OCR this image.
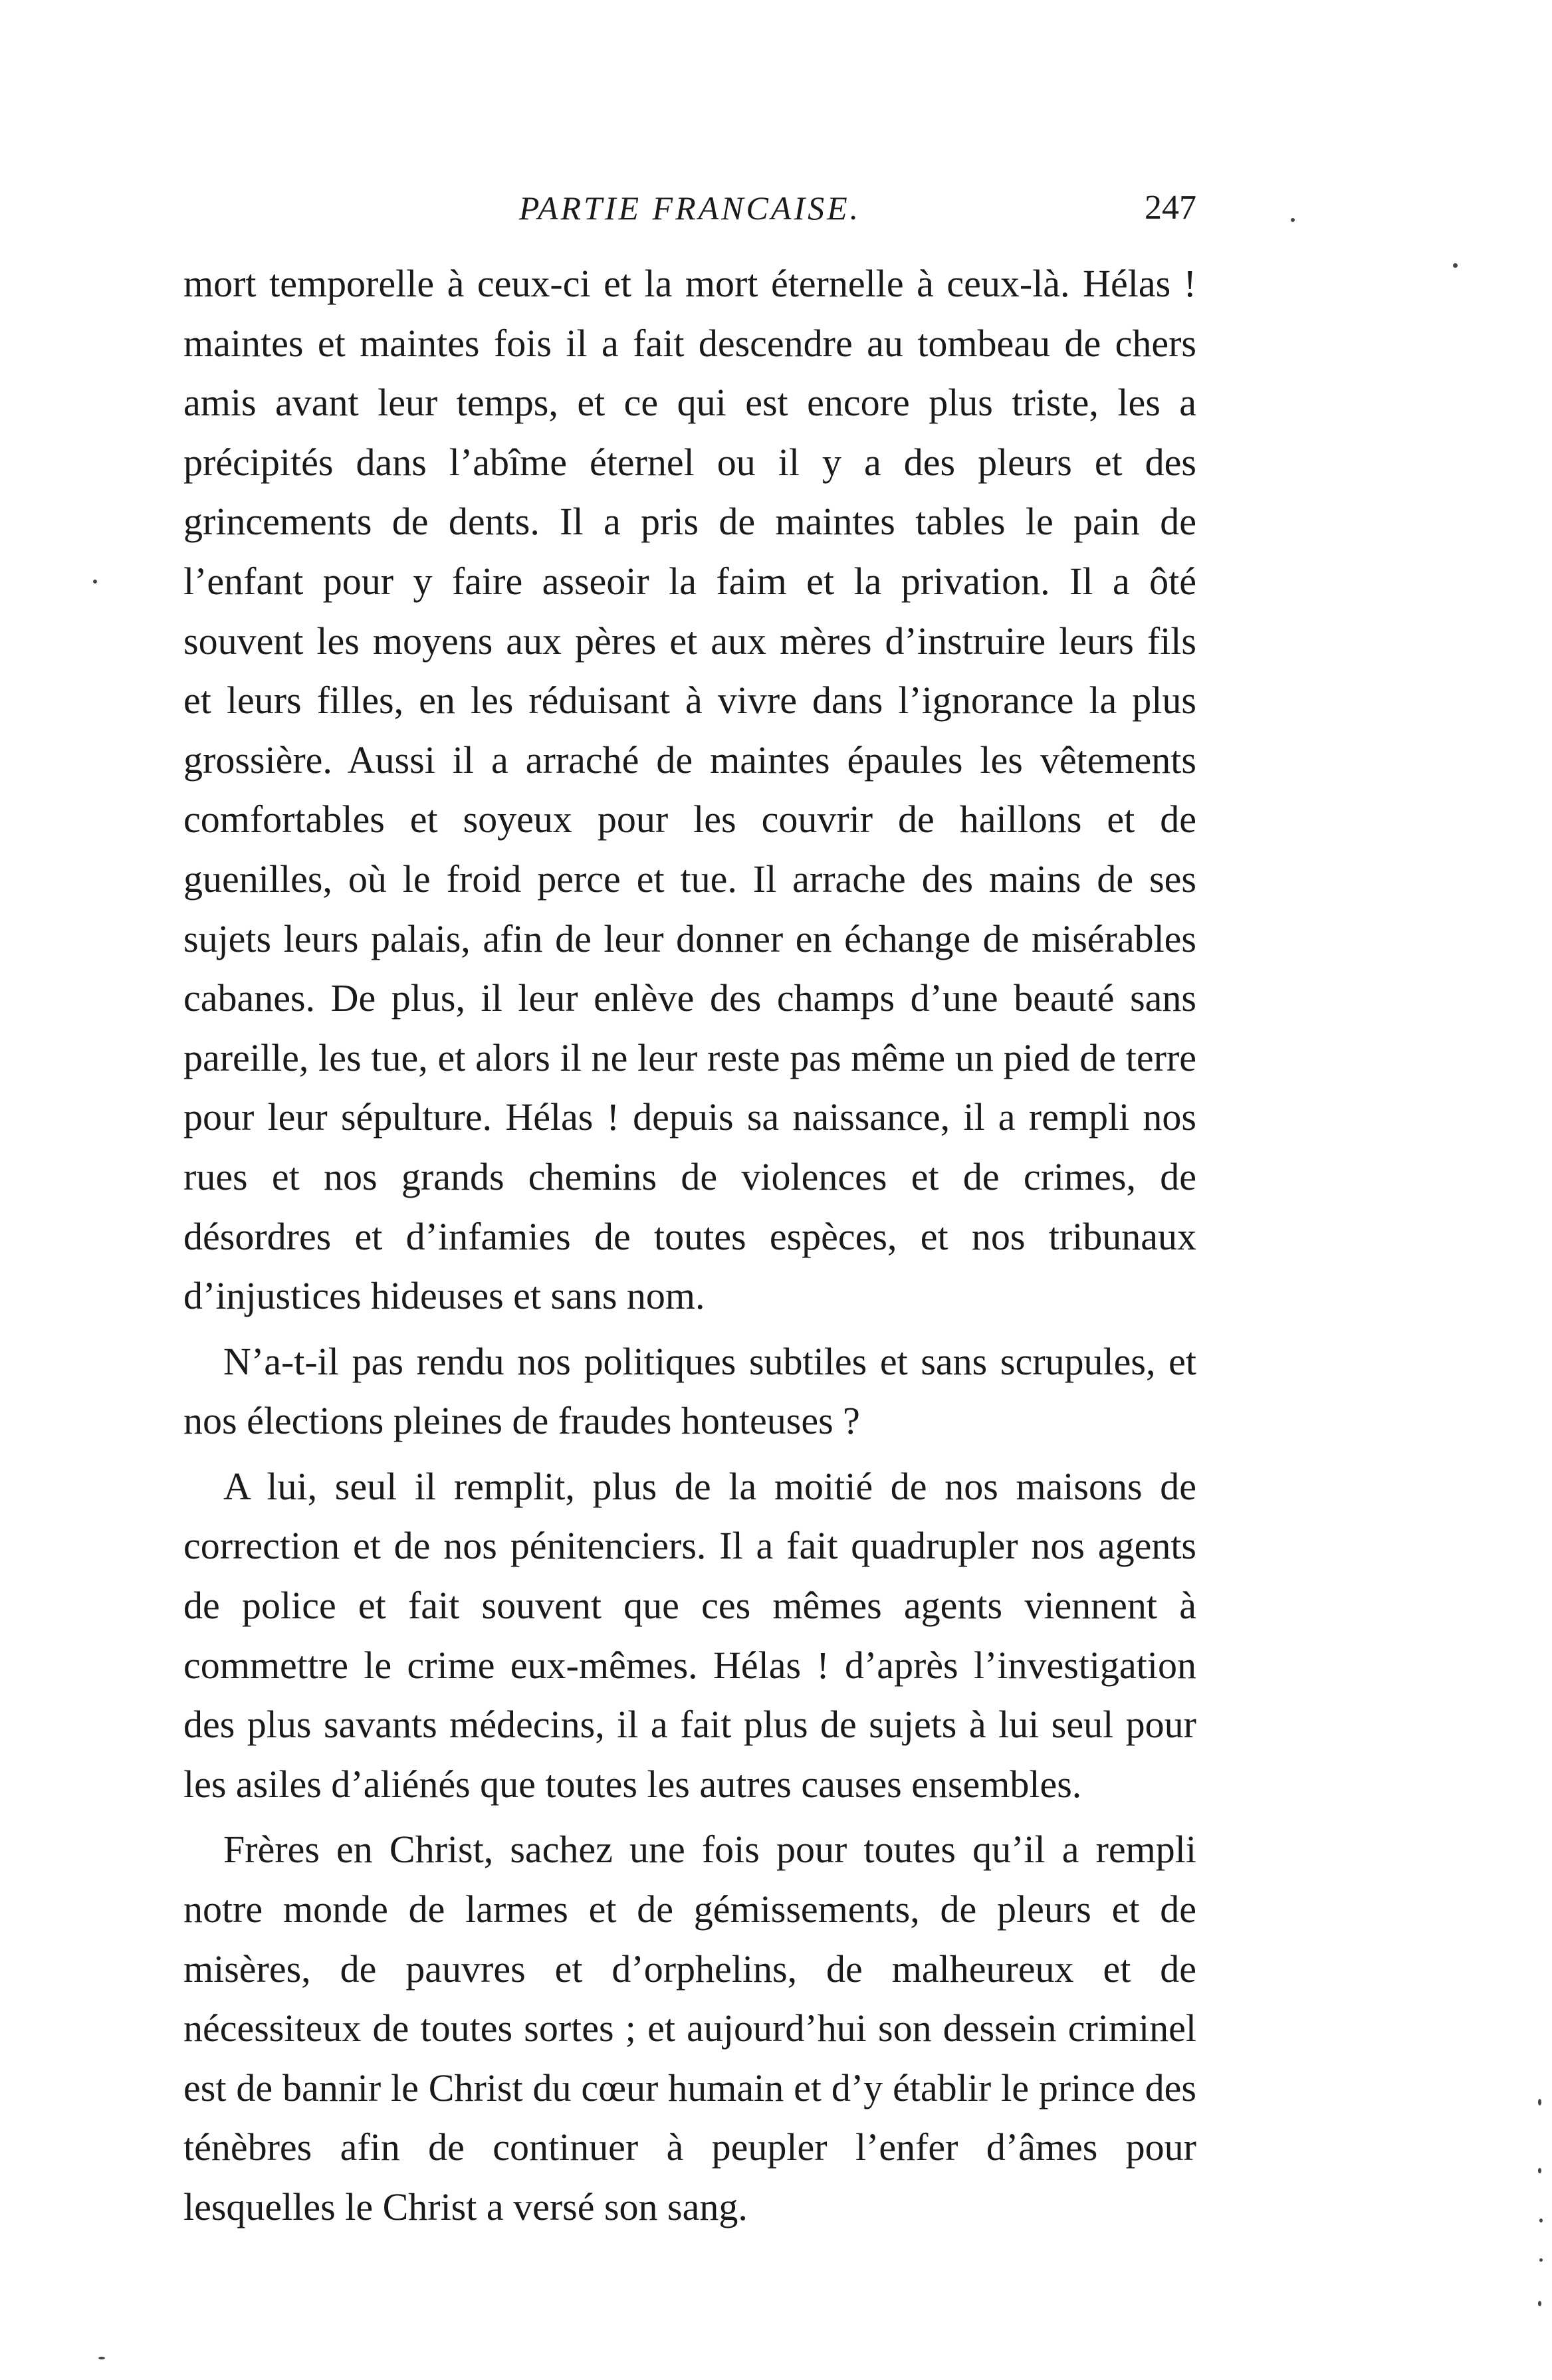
PARTIE FRANCAISE.	247

mort temporelle à ceux-ci et la mort éternelle à ceux-là. Hélas ! maintes et maintes fois il a fait descendre au tombeau de chers amis avant leur temps, et ce qui est encore plus triste, les a précipités dans l’abîme éternel ou il y a des pleurs et des grincements de dents. Il a pris de maintes tables le pain de l’enfant pour y faire asseoir la faim et la privation. Il a ôté souvent les moyens aux pères et aux mères d’instruire leurs fils et leurs filles, en les réduisant à vivre dans l’ignorance la plus grossière. Aussi il a arraché de maintes épaules les vêtements comfortables et soyeux pour les couvrir de haillons et de guenilles, où le froid perce et tue. Il arrache des mains de ses sujets leurs palais, afin de leur donner en échange de misérables cabanes. De plus, il leur enlève des champs d’une beauté sans pareille, les tue, et alors il ne leur reste pas même un pied de terre pour leur sépulture. Hélas ! depuis sa naissance, il a rempli nos rues et nos grands chemins de violences et de crimes, de désordres et d’infamies de toutes espèces, et nos tribunaux d’injustices hideuses et sans nom.

N’a-t-il pas rendu nos politiques subtiles et sans scrupules, et nos élections pleines de fraudes honteuses ?

A lui, seul il remplit, plus de la moitié de nos maisons de correction et de nos pénitenciers. Il a fait quadrupler nos agents de police et fait souvent que ces mêmes agents viennent à commettre le crime eux-mêmes. Hélas ! d’après l’investigation des plus savants médecins, il a fait plus de sujets à lui seul pour les asiles d’aliénés que toutes les autres causes ensembles.

Frères en Christ, sachez une fois pour toutes qu’il a rempli notre monde de larmes et de gémissements, de pleurs et de misères, de pauvres et d’orphelins, de malheureux et de nécessiteux de toutes sortes ; et aujourd’hui son dessein criminel est de bannir le Christ du cœur humain et d’y établir le prince des ténèbres afin de continuer à peupler l’enfer d’âmes pour lesquelles le Christ a versé son sang.
